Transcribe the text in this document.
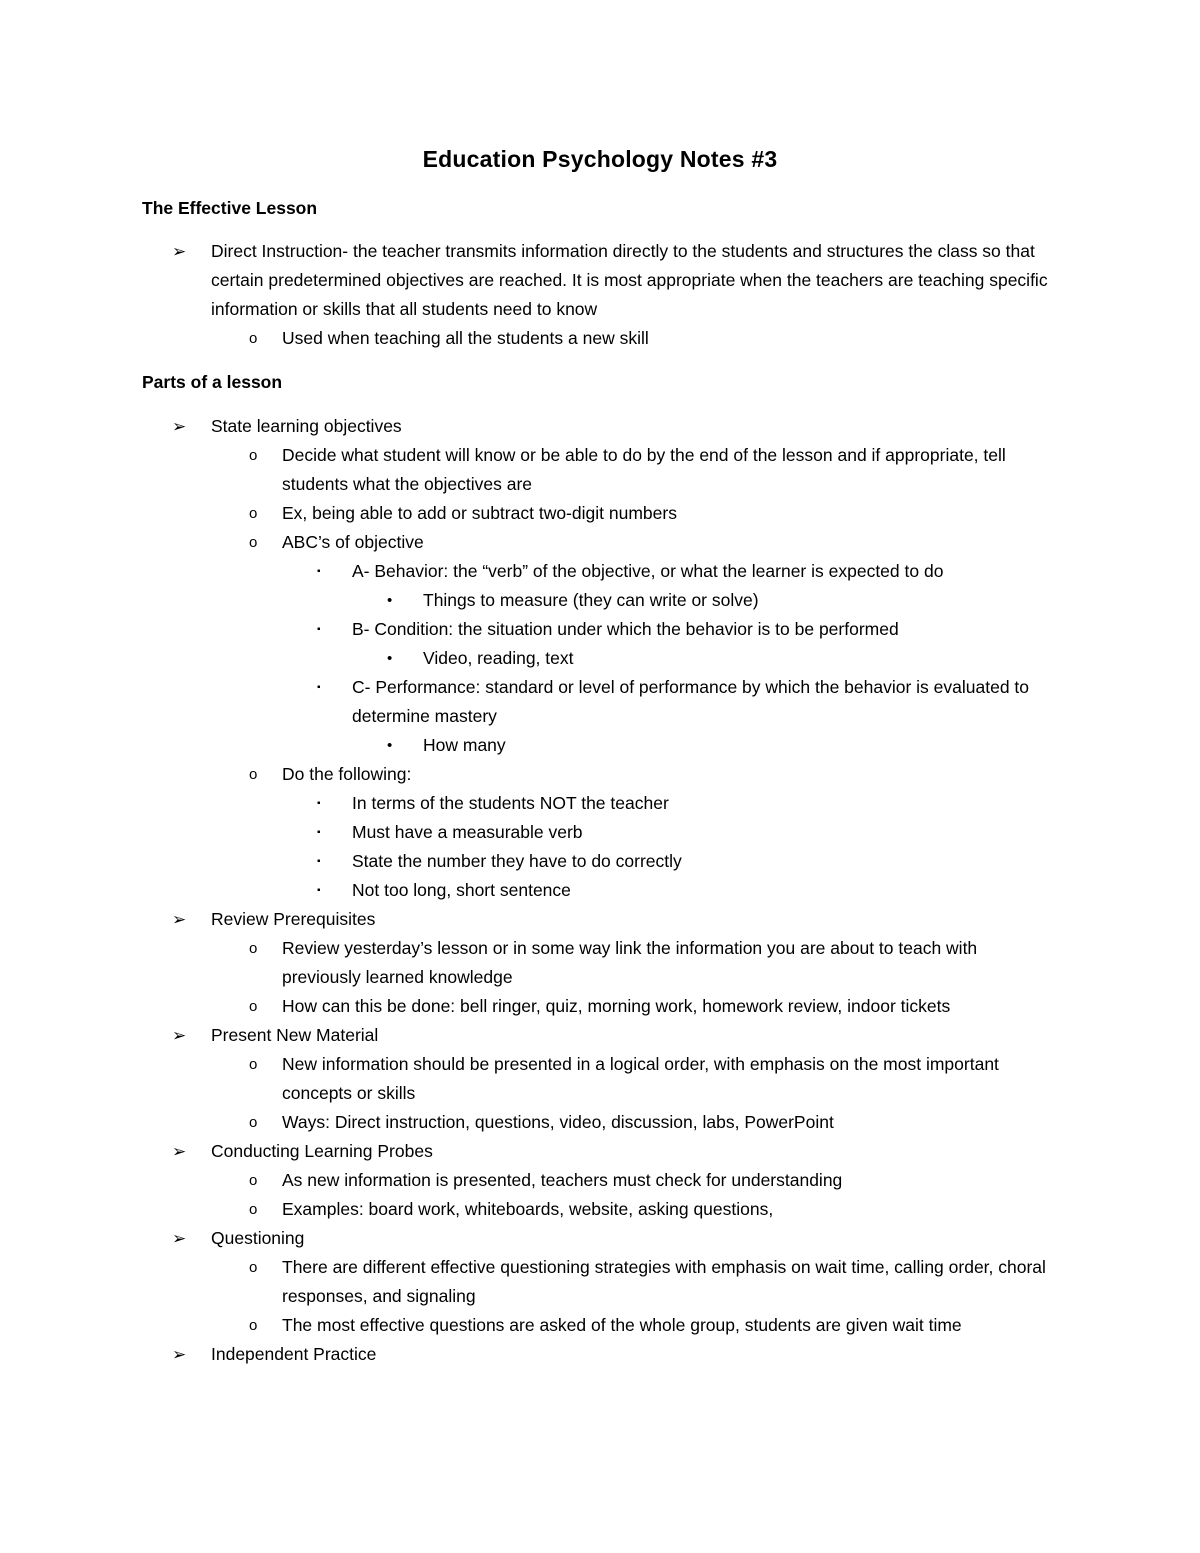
Education Psychology Notes #3
The Effective Lesson
• ➢ Direct Instruction- the teacher transmits information directly to the students and structures the class so that certain predetermined objectives are reached. It is most appropriate when the teachers are teaching specific information or skills that all students need to know
• o Used when teaching all the students a new skill
Parts of a lesson
• ➢ State learning objectives
• o Decide what student will know or be able to do by the end of the lesson and if appropriate, tell students what the objectives are
• o Ex, being able to add or subtract two-digit numbers
• o ABC’s of objective
• ▪ A- Behavior: the “verb” of the objective, or what the learner is expected to do
• • Things to measure (they can write or solve)
• ▪ B- Condition: the situation under which the behavior is to be performed
• • Video, reading, text
• ▪ C- Performance: standard or level of performance by which the behavior is evaluated to determine mastery
• • How many
• o Do the following:
• ▪ In terms of the students NOT the teacher
• ▪ Must have a measurable verb
• ▪ State the number they have to do correctly
• ▪ Not too long, short sentence
• ➢ Review Prerequisites
• o Review yesterday’s lesson or in some way link the information you are about to teach with previously learned knowledge
• o How can this be done: bell ringer, quiz, morning work, homework review, indoor tickets
• ➢ Present New Material
• o New information should be presented in a logical order, with emphasis on the most important concepts or skills
• o Ways: Direct instruction, questions, video, discussion, labs, PowerPoint
• ➢ Conducting Learning Probes
• o As new information is presented, teachers must check for understanding
• o Examples: board work, whiteboards, website, asking questions,
• ➢ Questioning
• o There are different effective questioning strategies with emphasis on wait time, calling order, choral responses, and signaling
• o The most effective questions are asked of the whole group, students are given wait time
• ➢ Independent Practice
